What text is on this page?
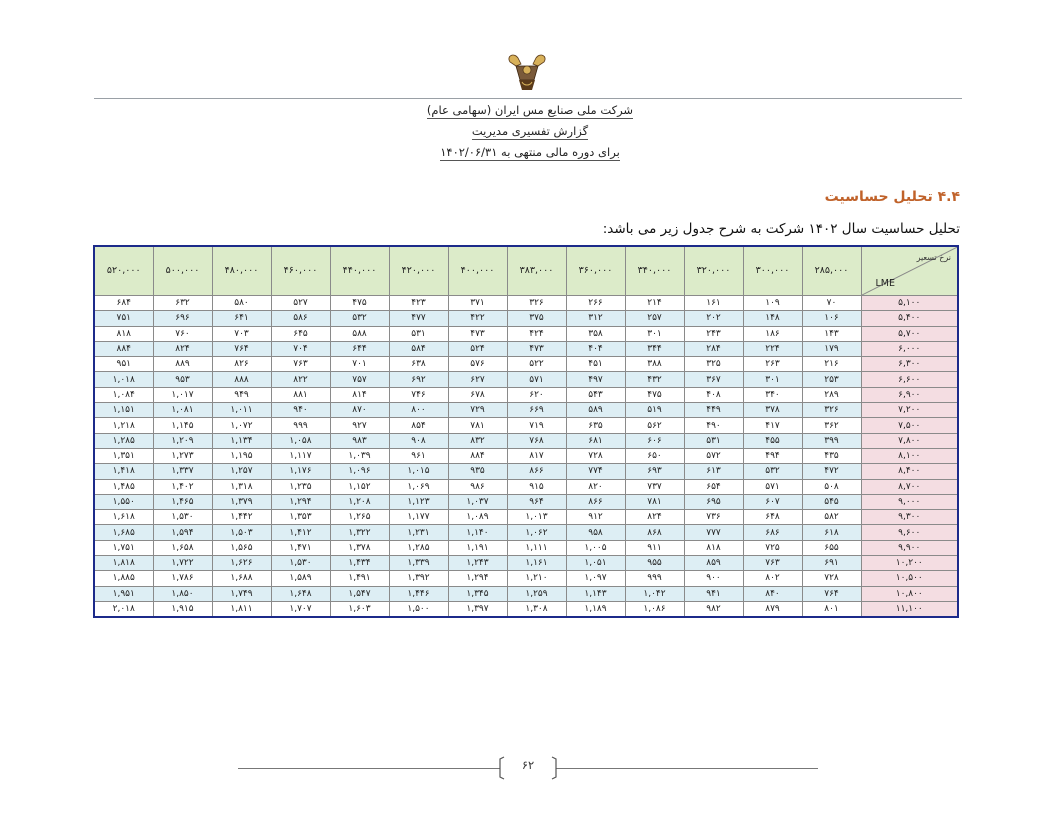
شرکت ملی صنایع مس ایران (سهامی عام)
گزارش تفسیری مدیریت
برای دوره مالی منتهی به ۱۴۰۲/۰۶/۳۱
۴.۴ تحلیل حساسیت
تحلیل حساسیت سال ۱۴۰۲ شرکت به شرح جدول زیر می باشد:
۵۲۰,۰۰۰	۵۰۰,۰۰۰	۴۸۰,۰۰۰	۴۶۰,۰۰۰	۴۴۰,۰۰۰	۴۲۰,۰۰۰	۴۰۰,۰۰۰	۳۸۳,۰۰۰	۳۶۰,۰۰۰	۳۴۰,۰۰۰	۳۲۰,۰۰۰	۳۰۰,۰۰۰	۲۸۵,۰۰۰	نرخ تسعیر
LME

۶۸۴	۶۳۲	۵۸۰	۵۲۷	۴۷۵	۴۲۳	۳۷۱	۳۲۶	۲۶۶	۲۱۴	۱۶۱	۱۰۹	۷۰	۵,۱۰۰
۷۵۱	۶۹۶	۶۴۱	۵۸۶	۵۳۲	۴۷۷	۴۲۲	۳۷۵	۳۱۲	۲۵۷	۲۰۲	۱۴۸	۱۰۶	۵,۴۰۰
۸۱۸	۷۶۰	۷۰۳	۶۴۵	۵۸۸	۵۳۱	۴۷۳	۴۲۴	۳۵۸	۳۰۱	۲۴۳	۱۸۶	۱۴۳	۵,۷۰۰
۸۸۴	۸۲۴	۷۶۴	۷۰۴	۶۴۴	۵۸۴	۵۲۴	۴۷۳	۴۰۴	۳۴۴	۲۸۴	۲۲۴	۱۷۹	۶,۰۰۰
۹۵۱	۸۸۹	۸۲۶	۷۶۳	۷۰۱	۶۳۸	۵۷۶	۵۲۲	۴۵۱	۳۸۸	۳۲۵	۲۶۳	۲۱۶	۶,۳۰۰
۱,۰۱۸	۹۵۳	۸۸۸	۸۲۲	۷۵۷	۶۹۲	۶۲۷	۵۷۱	۴۹۷	۴۳۲	۳۶۷	۳۰۱	۲۵۳	۶,۶۰۰
۱,۰۸۴	۱,۰۱۷	۹۴۹	۸۸۱	۸۱۴	۷۴۶	۶۷۸	۶۲۰	۵۴۳	۴۷۵	۴۰۸	۳۴۰	۲۸۹	۶,۹۰۰
۱,۱۵۱	۱,۰۸۱	۱,۰۱۱	۹۴۰	۸۷۰	۸۰۰	۷۲۹	۶۶۹	۵۸۹	۵۱۹	۴۴۹	۳۷۸	۳۲۶	۷,۲۰۰
۱,۲۱۸	۱,۱۴۵	۱,۰۷۲	۹۹۹	۹۲۷	۸۵۴	۷۸۱	۷۱۹	۶۳۵	۵۶۲	۴۹۰	۴۱۷	۳۶۲	۷,۵۰۰
۱,۲۸۵	۱,۲۰۹	۱,۱۳۴	۱,۰۵۸	۹۸۳	۹۰۸	۸۳۲	۷۶۸	۶۸۱	۶۰۶	۵۳۱	۴۵۵	۳۹۹	۷,۸۰۰
۱,۳۵۱	۱,۲۷۳	۱,۱۹۵	۱,۱۱۷	۱,۰۳۹	۹۶۱	۸۸۴	۸۱۷	۷۲۸	۶۵۰	۵۷۲	۴۹۴	۴۳۵	۸,۱۰۰
۱,۴۱۸	۱,۳۳۷	۱,۲۵۷	۱,۱۷۶	۱,۰۹۶	۱,۰۱۵	۹۳۵	۸۶۶	۷۷۴	۶۹۳	۶۱۳	۵۳۲	۴۷۲	۸,۴۰۰
۱,۴۸۵	۱,۴۰۲	۱,۳۱۸	۱,۲۳۵	۱,۱۵۲	۱,۰۶۹	۹۸۶	۹۱۵	۸۲۰	۷۳۷	۶۵۴	۵۷۱	۵۰۸	۸,۷۰۰
۱,۵۵۰	۱,۴۶۵	۱,۳۷۹	۱,۲۹۴	۱,۲۰۸	۱,۱۲۳	۱,۰۳۷	۹۶۴	۸۶۶	۷۸۱	۶۹۵	۶۰۷	۵۴۵	۹,۰۰۰
۱,۶۱۸	۱,۵۳۰	۱,۴۴۲	۱,۳۵۳	۱,۲۶۵	۱,۱۷۷	۱,۰۸۹	۱,۰۱۳	۹۱۲	۸۲۴	۷۳۶	۶۴۸	۵۸۲	۹,۳۰۰
۱,۶۸۵	۱,۵۹۴	۱,۵۰۳	۱,۴۱۲	۱,۳۲۲	۱,۲۳۱	۱,۱۴۰	۱,۰۶۲	۹۵۸	۸۶۸	۷۷۷	۶۸۶	۶۱۸	۹,۶۰۰
۱,۷۵۱	۱,۶۵۸	۱,۵۶۵	۱,۴۷۱	۱,۳۷۸	۱,۲۸۵	۱,۱۹۱	۱,۱۱۱	۱,۰۰۵	۹۱۱	۸۱۸	۷۲۵	۶۵۵	۹,۹۰۰
۱,۸۱۸	۱,۷۲۲	۱,۶۲۶	۱,۵۳۰	۱,۴۳۴	۱,۳۳۹	۱,۲۴۳	۱,۱۶۱	۱,۰۵۱	۹۵۵	۸۵۹	۷۶۳	۶۹۱	۱۰,۲۰۰
۱,۸۸۵	۱,۷۸۶	۱,۶۸۸	۱,۵۸۹	۱,۴۹۱	۱,۳۹۲	۱,۲۹۴	۱,۲۱۰	۱,۰۹۷	۹۹۹	۹۰۰	۸۰۲	۷۲۸	۱۰,۵۰۰
۱,۹۵۱	۱,۸۵۰	۱,۷۴۹	۱,۶۴۸	۱,۵۴۷	۱,۴۴۶	۱,۳۴۵	۱,۲۵۹	۱,۱۴۳	۱,۰۴۲	۹۴۱	۸۴۰	۷۶۴	۱۰,۸۰۰
۲,۰۱۸	۱,۹۱۵	۱,۸۱۱	۱,۷۰۷	۱,۶۰۳	۱,۵۰۰	۱,۳۹۷	۱,۳۰۸	۱,۱۸۹	۱,۰۸۶	۹۸۲	۸۷۹	۸۰۱	۱۱,۱۰۰
۶۲
